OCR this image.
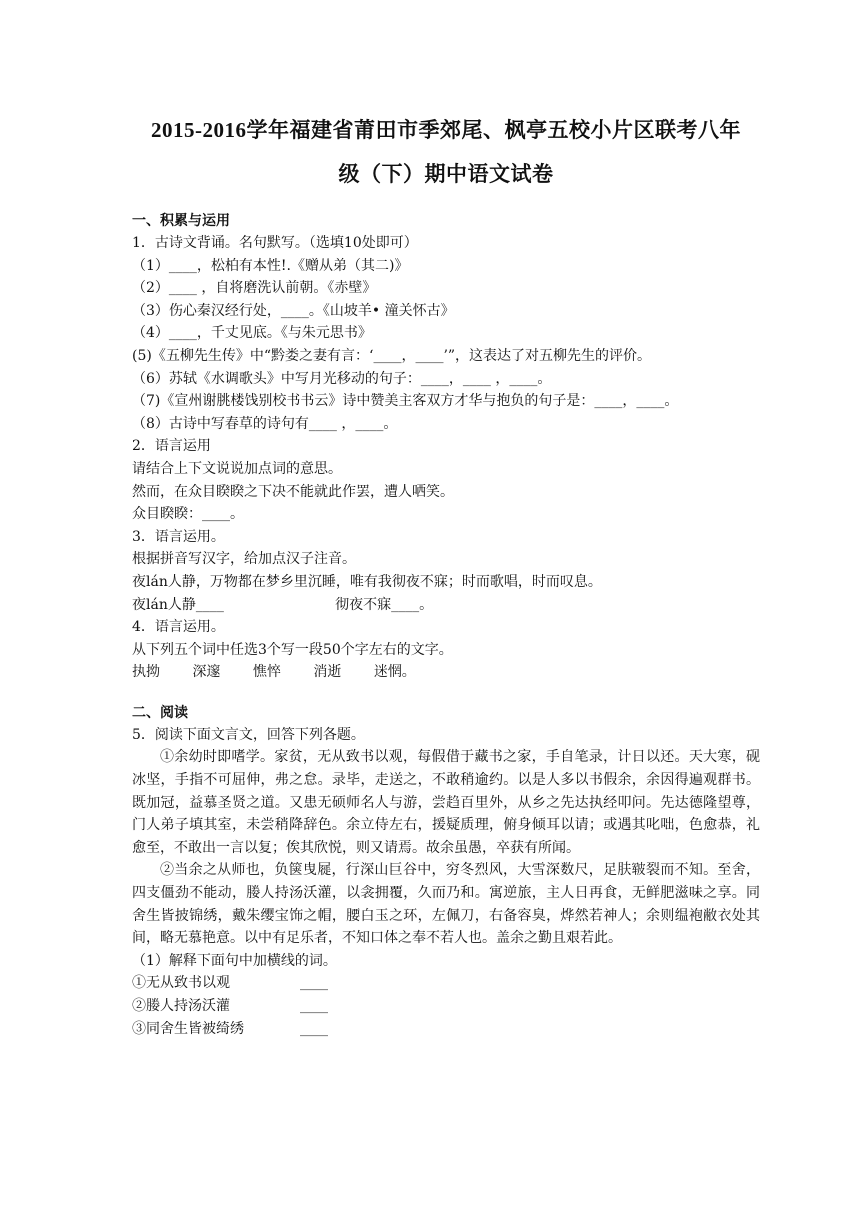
2015-2016学年福建省莆田市季郊尾、枫亭五校小片区联考八年
级（下）期中语文试卷
一、积累与运用
1．古诗文背诵。名句默写。（选填10处即可）
（1）____，松柏有本性!.《赠从弟（其二)》
（2）____ ，自将磨洗认前朝。《赤壁》
（3）伤心秦汉经行处，____。《山坡羊• 潼关怀古》
（4）____，千丈见底。《与朱元思书》
(5)《五柳先生传》中“黔娄之妻有言：‘____，____’”，这表达了对五柳先生的评价。
（6）苏轼《水调歌头》中写月光移动的句子：____，____ ，____。
（7)《宣州谢朓楼饯别校书书云》诗中赞美主客双方才华与抱负的句子是：____，____。
（8）古诗中写春草的诗句有____ ，____。
2．语言运用
请结合上下文说说加点词的意思。
然而，在众目睽睽之下决不能就此作罢，遭人哂笑。
众目睽睽：____。
3．语言运用。
根据拼音写汉字，给加点汉子注音。
夜lán人静，万物都在梦乡里沉睡，唯有我彻夜不寐；时而歌唱，时而叹息。
夜lán人静____                         彻夜不寐____。
4．语言运用。
从下列五个词中任选3个写一段50个字左右的文字。
执拗 深邃 憔悴 消逝 迷惘。
二、阅读
5．阅读下面文言文，回答下列各题。
①余幼时即嗜学。家贫，无从致书以观，每假借于藏书之家，手自笔录，计日以还。天大寒，砚冰坚，手指不可屈伸，弗之怠。录毕，走送之，不敢稍逾约。以是人多以书假余，余因得遍观群书。既加冠，益慕圣贤之道。又患无硕师名人与游，尝趋百里外，从乡之先达执经叩问。先达德隆望尊，门人弟子填其室，未尝稍降辞色。余立侍左右，援疑质理，俯身倾耳以请；或遇其叱咄，色愈恭，礼愈至，不敢出一言以复；俟其欣悦，则又请焉。故余虽愚，卒获有所闻。
②当余之从师也，负箧曳屣，行深山巨谷中，穷冬烈风，大雪深数尺，足肤皲裂而不知。至舍，四支僵劲不能动，媵人持汤沃灌，以衾拥覆，久而乃和。寓逆旅，主人日再食，无鲜肥滋味之享。同舍生皆披锦绣，戴朱缨宝饰之帽，腰白玉之环，左佩刀，右备容臭，烨然若神人；余则缊袍敝衣处其间，略无慕艳意。以中有足乐者，不知口体之奉不若人也。盖余之勤且艰若此。
（1）解释下面句中加横线的词。
①无从致书以观	____
②媵人持汤沃灌	____
③同舍生皆被绮绣	____
